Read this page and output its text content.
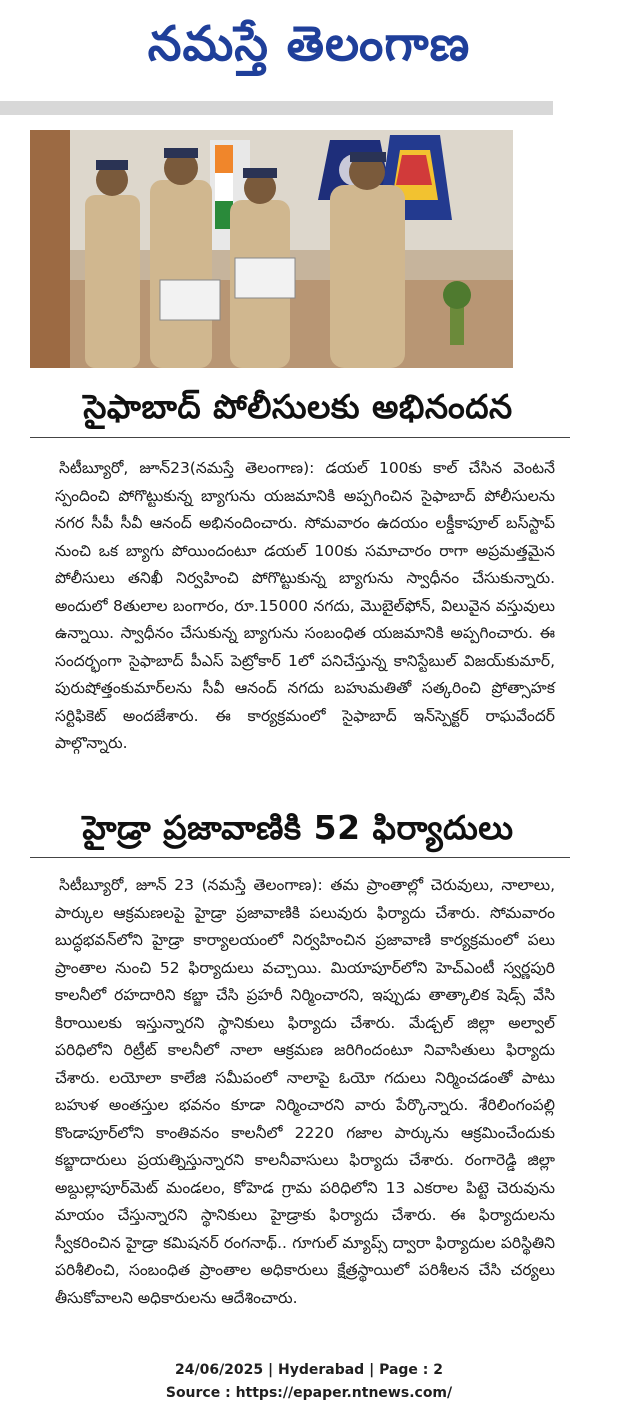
నమస్తే తెలంగాణ
సైఫాబాద్ పోలీసులకు అభినందన
సిటీబ్యూరో, జూన్23(నమస్తే తెలంగాణ): డయల్ 100కు కాల్ చేసిన వెంటనే స్పందించి పోగొట్టుకున్న బ్యాగును యజమానికి అప్పగించిన సైఫాబాద్ పోలీసులను నగర సీపీ సీవీ ఆనంద్ అభినందించారు. సోమవారం ఉదయం లక్డీకాపూల్ బస్‌స్టాప్ నుంచి ఒక బ్యాగు పోయిందంటూ డయల్ 100కు సమాచారం రాగా అప్రమత్తమైన పోలీసులు తనిఖీ నిర్వహించి పోగొట్టుకున్న బ్యాగును స్వాధీనం చేసుకున్నారు. అందులో 8తులాల బంగారం, రూ.15000 నగదు, మొబైల్‌ఫోన్, విలువైన వస్తువులు ఉన్నాయి. స్వాధీనం చేసుకున్న బ్యాగును సంబంధిత యజమానికి అప్పగించారు. ఈ సందర్భంగా సైఫాబాద్ పీఎస్ పెట్రోకార్ 1లో పనిచేస్తున్న కానిస్టేబుల్ విజయ్‌కుమార్, పురుషోత్తంకుమార్‌లను సీవీ ఆనంద్ నగదు బహుమతితో సత్కరించి ప్రోత్సాహక సర్టిఫికెట్ అందజేశారు. ఈ కార్యక్రమంలో సైఫాబాద్ ఇన్‌స్పెక్టర్ రాఘవేందర్ పాల్గొన్నారు.
హైడ్రా ప్రజావాణికి 52 ఫిర్యాదులు
సిటీబ్యూరో, జూన్ 23 (నమస్తే తెలంగాణ): తమ ప్రాంతాల్లో చెరువులు, నాలాలు, పార్కుల ఆక్రమణలపై హైడ్రా ప్రజావాణికి పలువురు ఫిర్యాదు చేశారు. సోమవారం బుద్ధభవన్‌లోని హైడ్రా కార్యాలయంలో నిర్వహించిన ప్రజావాణి కార్యక్రమంలో పలు ప్రాంతాల నుంచి 52 ఫిర్యాదులు వచ్చాయి. మియాపూర్‌లోని హెచ్‌ఎంటీ స్వర్ణపురి కాలనీలో రహదారిని కబ్జా చేసి ప్రహరీ నిర్మించారని, ఇప్పుడు తాత్కాలిక షెడ్స్ వేసి కిరాయిలకు ఇస్తున్నారని స్థానికులు ఫిర్యాదు చేశారు. మేడ్చల్ జిల్లా అల్వాల్ పరిధిలోని రిట్రీట్ కాలనీలో నాలా ఆక్రమణ జరిగిందంటూ నివాసితులు ఫిర్యాదు చేశారు. లయోలా కాలేజి సమీపంలో నాలాపై ఓయో గదులు నిర్మించడంతో పాటు బహుళ అంతస్తుల భవనం కూడా నిర్మించారని వారు పేర్కొన్నారు. శేరిలింగంపల్లి కొండాపూర్‌లోని కాంతివనం కాలనీలో 2220 గజాల పార్కును ఆక్రమించేందుకు కబ్జాదారులు ప్రయత్నిస్తున్నారని కాలనీవాసులు ఫిర్యాదు చేశారు. రంగారెడ్డి జిల్లా అబ్దుల్లాపూర్‌మెట్ మండలం, కోహెడ గ్రామ పరిధిలోని 13 ఎకరాల పిట్టె చెరువును మాయం చేస్తున్నారని స్థానికులు హైడ్రాకు ఫిర్యాదు చేశారు. ఈ ఫిర్యాదులను స్వీకరించిన హైడ్రా కమిషనర్ రంగనాథ్.. గూగుల్ మ్యాప్స్ ద్వారా ఫిర్యాదుల పరిస్థితిని పరిశీలించి, సంబంధిత ప్రాంతాల అధికారులు క్షేత్రస్థాయిలో పరిశీలన చేసి చర్యలు తీసుకోవాలని అధికారులను ఆదేశించారు.
24/06/2025 | Hyderabad | Page : 2
Source : https://epaper.ntnews.com/
